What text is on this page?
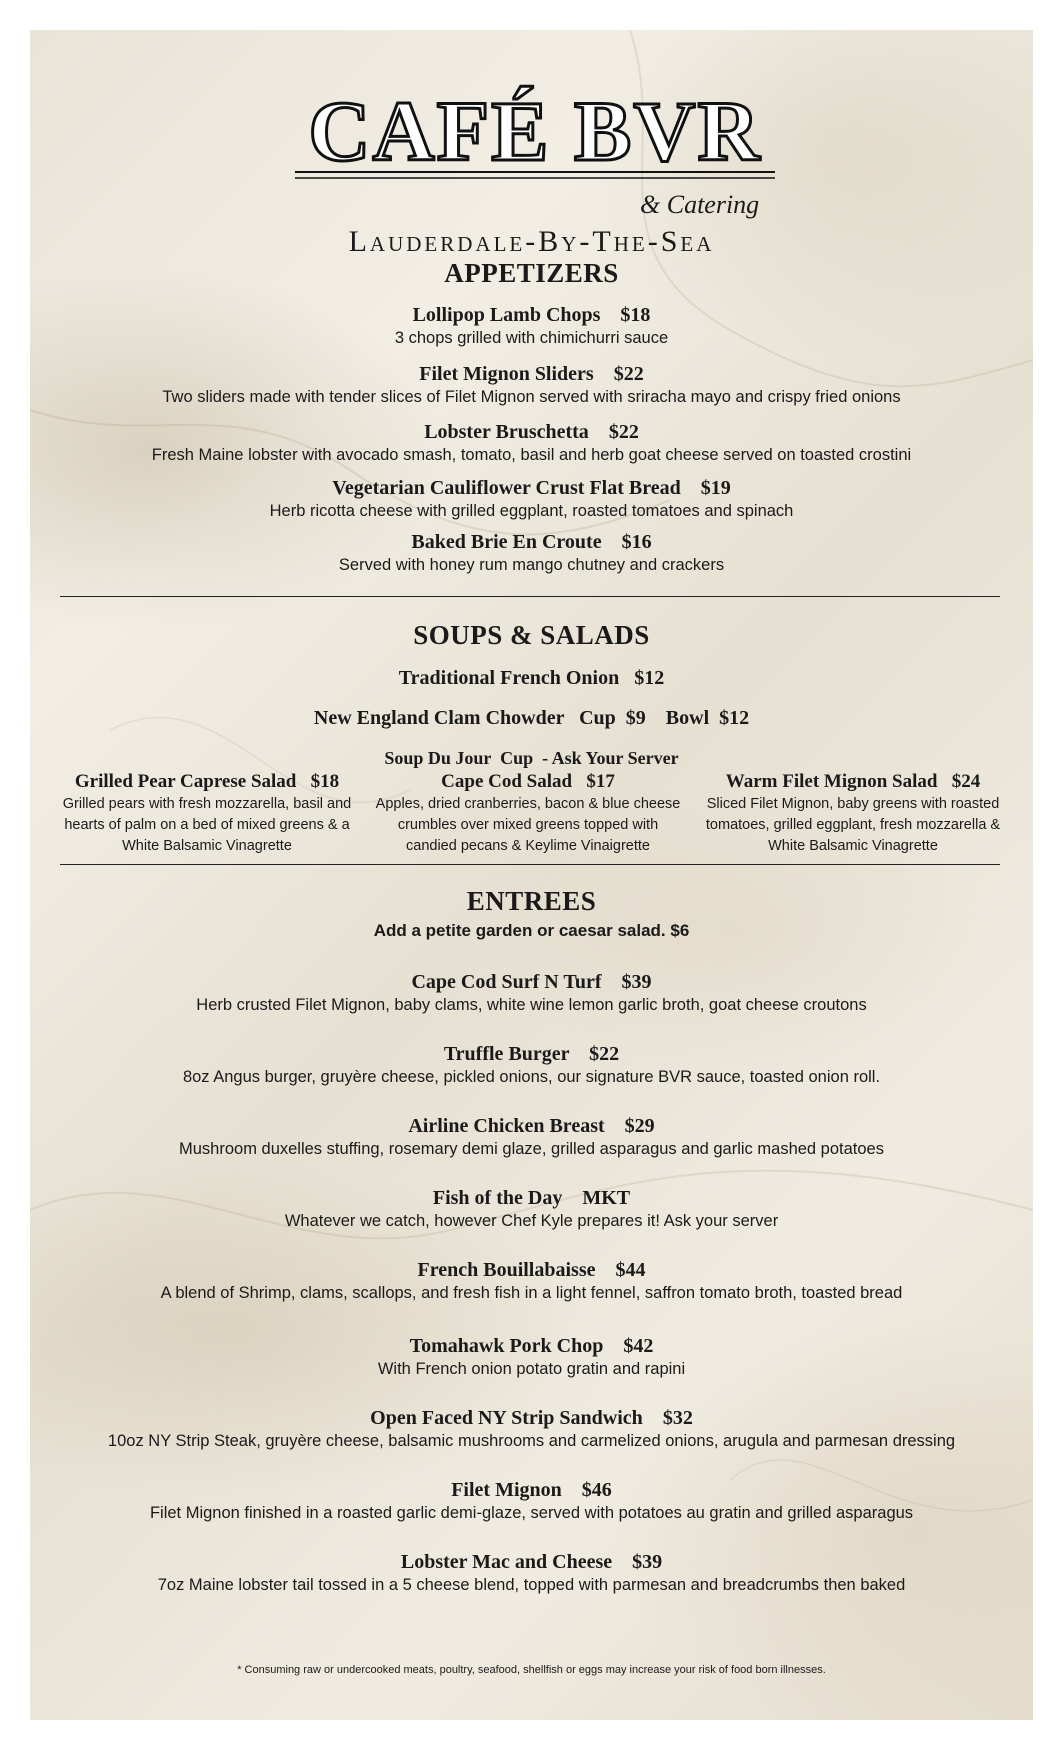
CAFÉ BVR
& Catering
Lauderdale-By-The-Sea
APPETIZERS
Lollipop Lamb Chops $18
3 chops grilled with chimichurri sauce
Filet Mignon Sliders $22
Two sliders made with tender slices of Filet Mignon served with sriracha mayo and crispy fried onions
Lobster Bruschetta $22
Fresh Maine lobster with avocado smash, tomato, basil and herb goat cheese served on toasted crostini
Vegetarian Cauliflower Crust Flat Bread $19
Herb ricotta cheese with grilled eggplant, roasted tomatoes and spinach
Baked Brie En Croute $16
Served with honey rum mango chutney and crackers
SOUPS & SALADS
Traditional French Onion   $12
New England Clam Chowder   Cup  $9    Bowl  $12
Soup Du Jour  Cup  - Ask Your Server
Grilled Pear Caprese Salad $18
Grilled pears with fresh mozzarella, basil and hearts of palm on a bed of mixed greens & a White Balsamic Vinagrette
Cape Cod Salad $17
Apples, dried cranberries, bacon & blue cheese crumbles over mixed greens topped with candied pecans & Keylime Vinaigrette
Warm Filet Mignon Salad $24
Sliced Filet Mignon, baby greens with roasted tomatoes, grilled eggplant, fresh mozzarella & White Balsamic Vinagrette
ENTREES
Add a petite garden or caesar salad. $6
Cape Cod Surf N Turf $39
Herb crusted Filet Mignon, baby clams, white wine lemon garlic broth, goat cheese croutons
Truffle Burger $22
8oz Angus burger, gruyère cheese, pickled onions, our signature BVR sauce, toasted onion roll.
Airline Chicken Breast $29
Mushroom duxelles stuffing, rosemary demi glaze, grilled asparagus and garlic mashed potatoes
Fish of the Day MKT
Whatever we catch, however Chef Kyle prepares it! Ask your server
French Bouillabaisse $44
A blend of Shrimp, clams, scallops, and fresh fish in a light fennel, saffron tomato broth, toasted bread
Tomahawk Pork Chop $42
With French onion potato gratin and rapini
Open Faced NY Strip Sandwich $32
10oz NY Strip Steak, gruyère cheese, balsamic mushrooms and carmelized onions, arugula and parmesan dressing
Filet Mignon $46
Filet Mignon finished in a roasted garlic demi-glaze, served with potatoes au gratin and grilled asparagus
Lobster Mac and Cheese $39
7oz Maine lobster tail tossed in a 5 cheese blend, topped with parmesan and breadcrumbs then baked
* Consuming raw or undercooked meats, poultry, seafood, shellfish or eggs may increase your risk of food born illnesses.
